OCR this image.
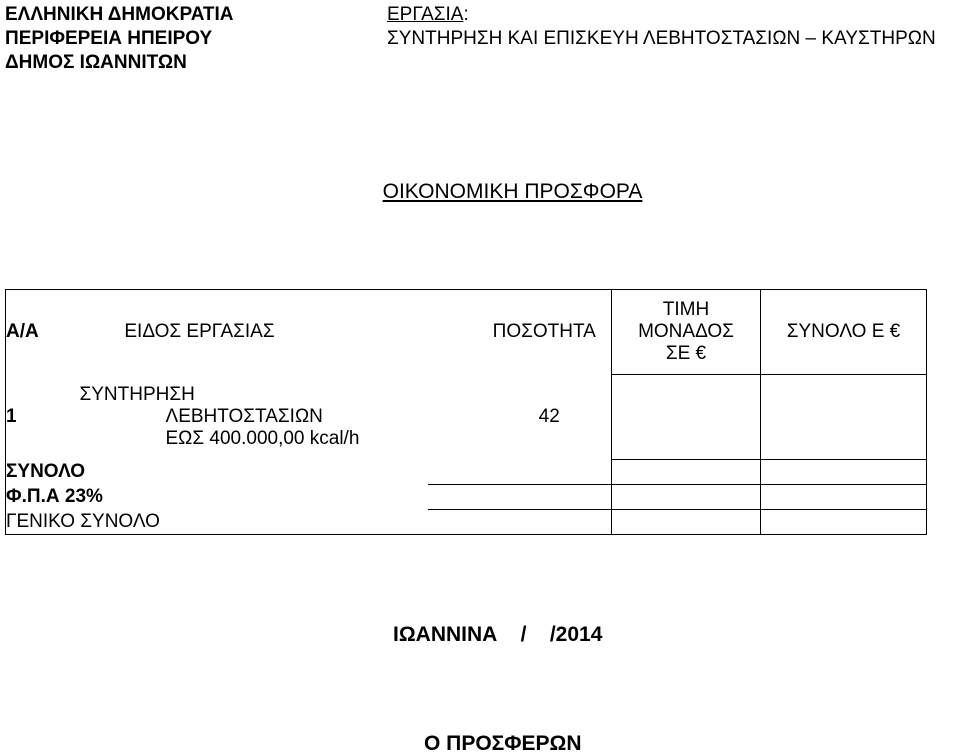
ΕΛΛΗΝΙΚΗ ΔΗΜΟΚΡΑΤΙΑ
ΠΕΡΙΦΕΡΕΙΑ ΗΠΕΙΡΟΥ
ΔΗΜΟΣ ΙΩΑΝΝΙΤΩΝ
ΕΡΓΑΣΙΑ:
ΣΥΝΤΗΡΗΣΗ ΚΑΙ ΕΠΙΣΚΕΥΗ ΛΕΒΗΤΟΣΤΑΣΙΩΝ – ΚΑΥΣΤΗΡΩΝ
ΟΙΚΟΝΟΜΙΚΗ ΠΡΟΣΦΟΡΑ
Α/Α	ΕΙΔΟΣ ΕΡΓΑΣΙΑΣ	ΠΟΣΟΤΗΤΑ	ΤΙΜΗ
ΜΟΝΑΔΟΣ
ΣΕ €	ΣΥΝΟΛΟ Ε €
1	ΣΥΝΤΗΡΗΣΗ
ΛΕΒΗΤΟΣΤΑΣΙΩΝ
ΕΩΣ 400.000,00 kcal/h	42		
ΣΥΝΟΛΟ				
Φ.Π.Α 23%				
ΓΕΝΙΚΟ ΣΥΝΟΛΟ				
ΙΩΑΝΝΙΝΑ    /    /2014
Ο ΠΡΟΣΦΕΡΩΝ
